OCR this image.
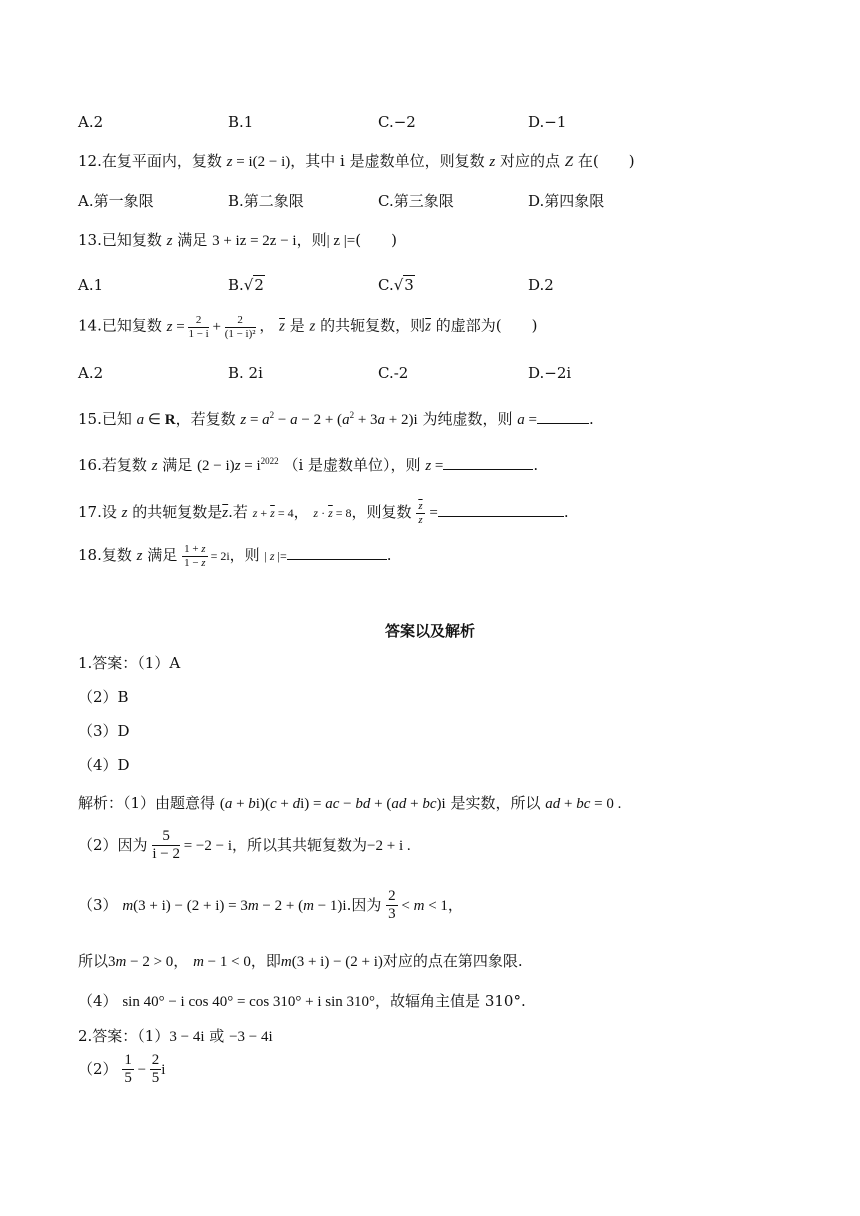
A.2	B.1	C.−2	D.−1
12.在复平面内，复数 z = i(2 − i)，其中 i 是虚数单位，则复数 z 对应的点 Z 在(　　)
A.第一象限	B.第二象限	C.第三象限	D.第四象限
13.已知复数 z 满足 3 + iz = 2z − i，则| z |=(　　)
A.1	B.√2	C.√3	D.2
14.已知复数 $z = \frac{2}{1 - i} + \frac{2}{\text{(1 − i)²}}$ ， $\overline{z}$ 是 z 的共轭复数，则$\overline{z}$ 的虚部为(　　)
A.2	B. 2i	C.-2	D.−2i
15.已知 a ∈ R，若复数 $z = a^2 - a - 2 + (a^2 + 3a + 2)i$ 为纯虚数，则 a =	.
16.若复数 z 满足 $(2 - i)z = i^{2022}$ （i 是虚数单位），则 z =	.
17.设 z 的共轭复数是$\overline{z}$.若 $z + \overline{z} = 4$， $z \cdot \overline{z} = 8$，则复数 $\frac{\overline{z}}{z}$ =	.
18.复数 z 满足 $\frac{1 + z}{1 - z} = 2i$，则 | z |=	.
答案以及解析
1.答案：（1）A
（2）B
（3）D
（4）D
解析：（1）由题意得 (a + bi)(c + di) = ac − bd + (ad + bc)i 是实数，所以 ad + bc = 0 .
（2）因为 $\frac{5}{i - 2} = -2 - i$，所以其共轭复数为−2 + i .
（3） m(3 + i) − (2 + i) = 3m − 2 + (m − 1)i.因为 $\frac{2}{3} < m < 1$，
所以3m − 2 > 0， m − 1 < 0，即m(3 + i) − (2 + i)对应的点在第四象限.
（4） sin 40° − i cos 40° = cos 310° + i sin 310°，故辐角主值是 310°.
2.答案：（1）3 − 4i 或 −3 − 4i
$(2) \frac{1}{5} - \frac{2}{5}$ i
